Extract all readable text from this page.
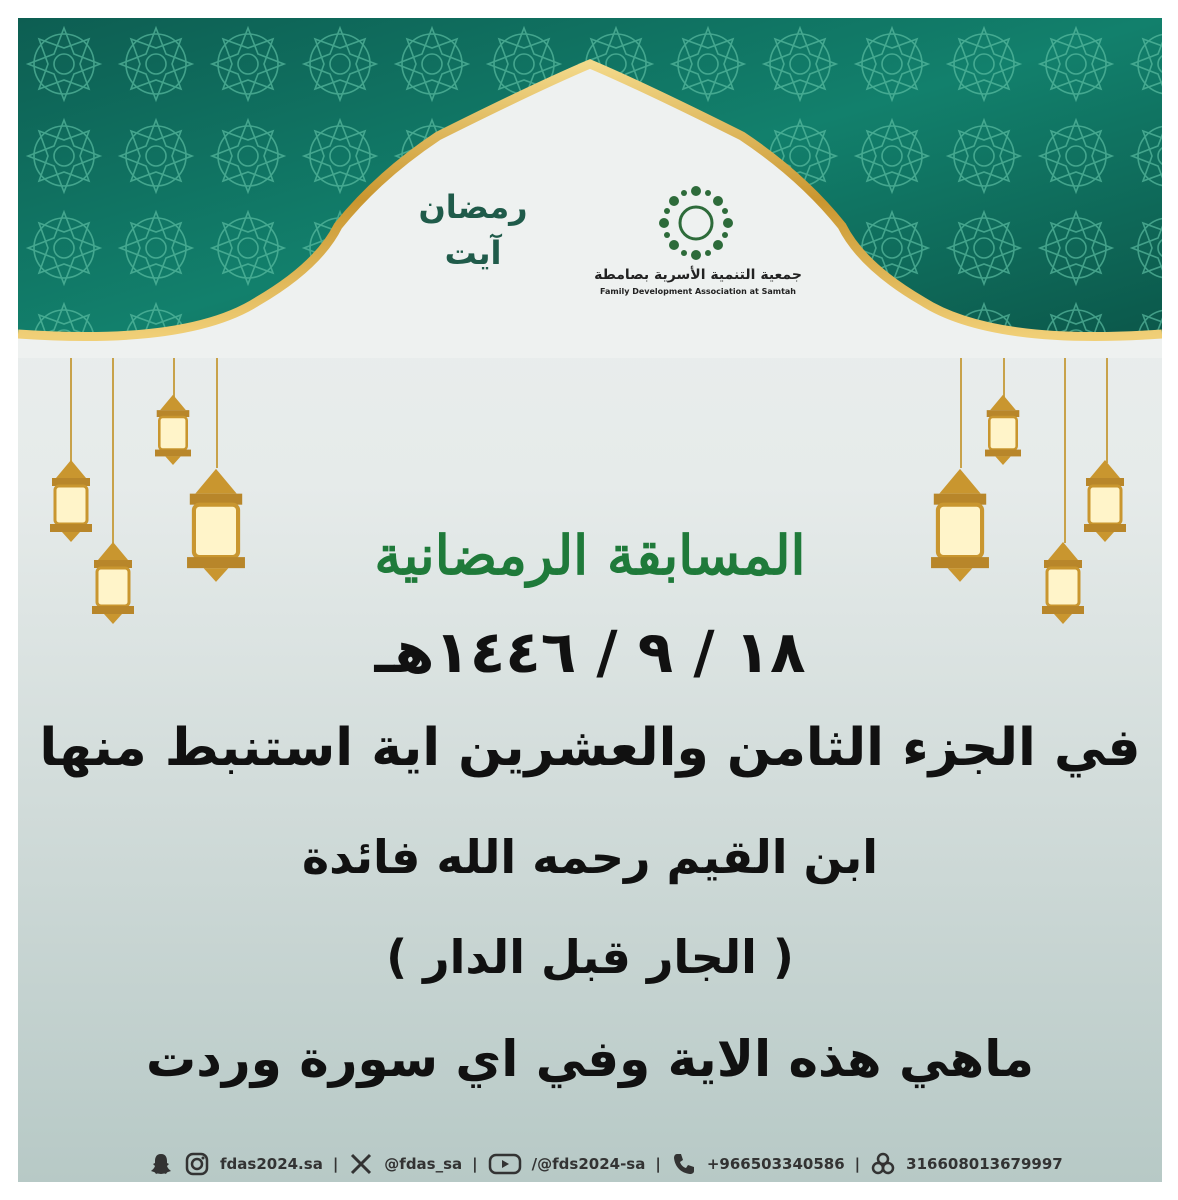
رمضان
آيت
جمعية التنمية الأسرية بصامطة
Family Development Association at Samtah
المسابقة الرمضانية
١٨ / ٩ / ١٤٤٦هـ
في الجزء الثامن والعشرين اية استنبط منها
ابن القيم رحمه الله فائدة
( الجار قبل الدار )
ماهي هذه الاية وفي اي سورة وردت
fdas2024.sa |	@fdas_sa |	/@fds2024-sa |	+966503340586 |	316608013679997
